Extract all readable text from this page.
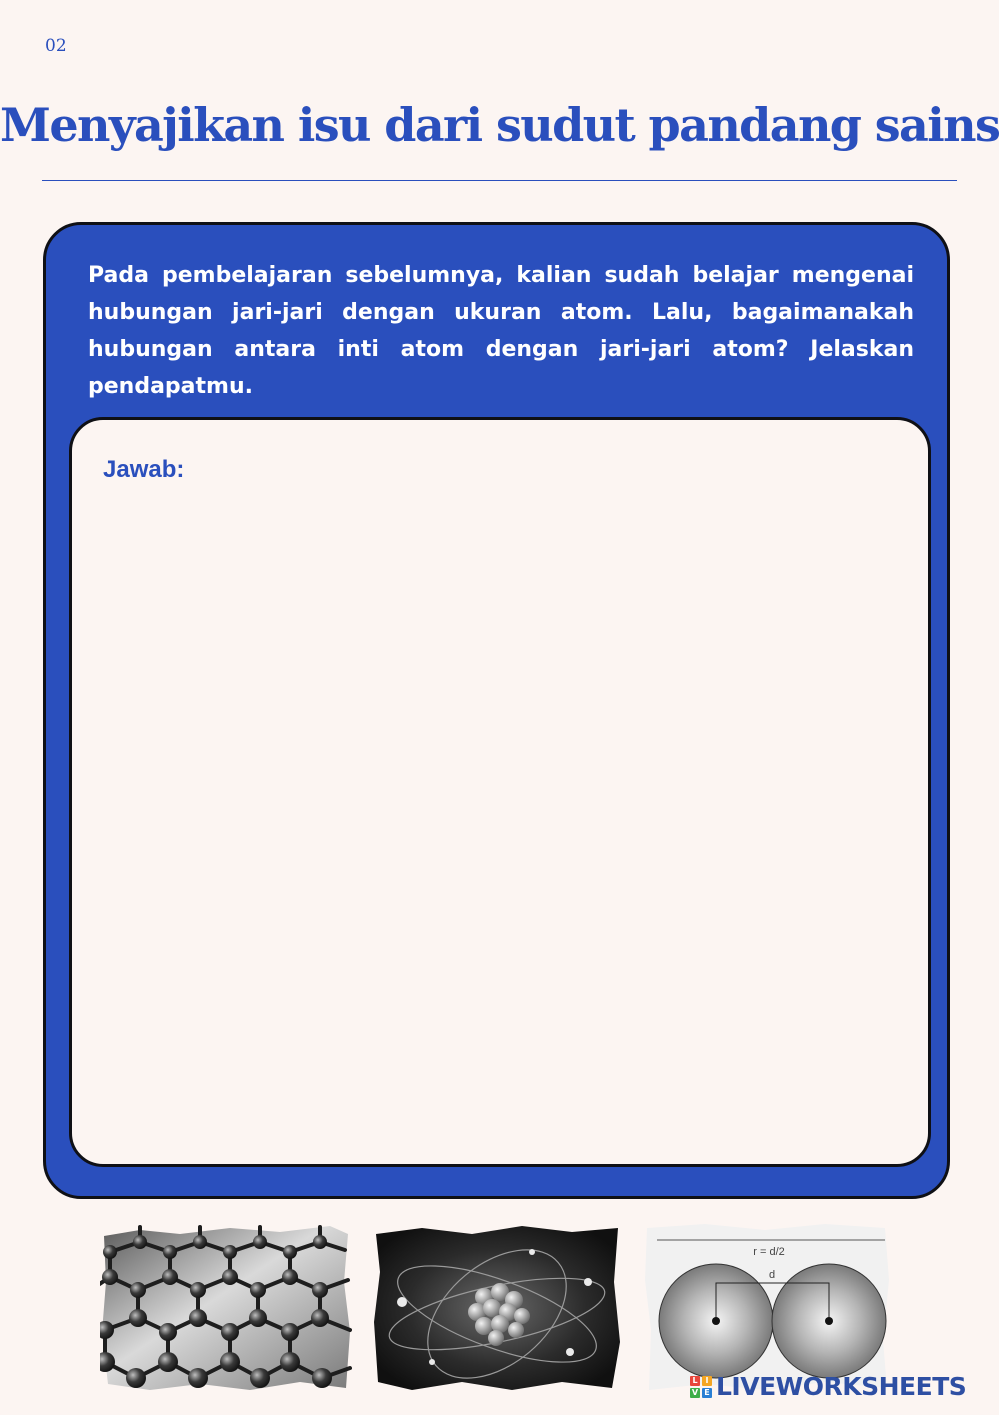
02
Menyajikan isu dari sudut pandang sains
Pada pembelajaran sebelumnya, kalian sudah belajar mengenai hubungan jari-jari dengan ukuran atom. Lalu, bagaimanakah hubungan antara inti atom dengan jari-jari atom? Jelaskan pendapatmu.
Jawab:
r = d/2
d
L I
V E LIVEWORKSHEETS
